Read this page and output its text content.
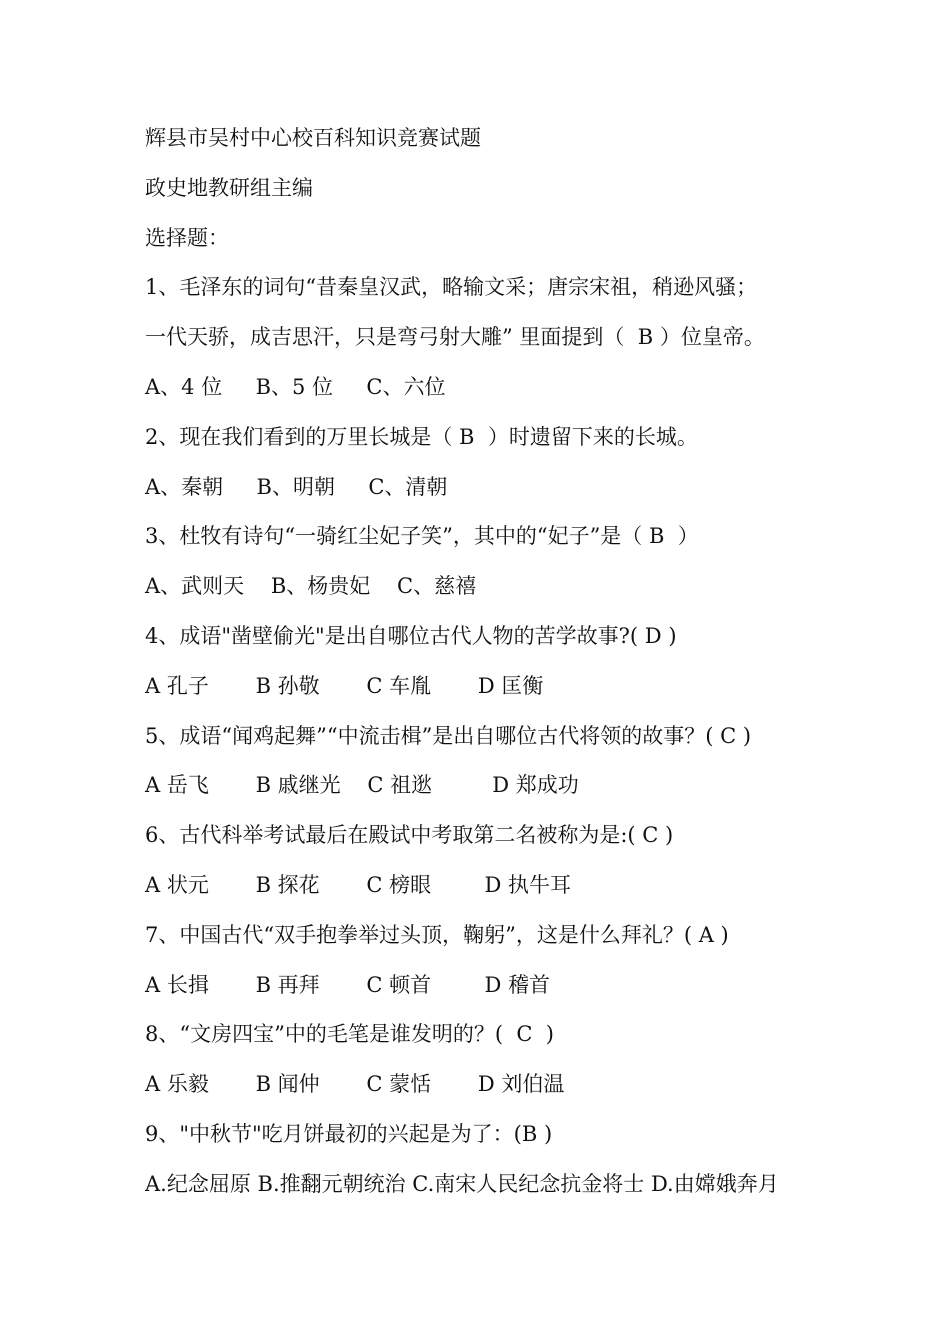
辉县市吴村中心校百科知识竞赛试题
政史地教研组主编
选择题：
1、毛泽东的词句“昔秦皇汉武，略输文采；唐宗宋祖，稍逊风骚；
一代天骄，成吉思汗，只是弯弓射大雕” 里面提到（  B ）位皇帝。
A、4 位     B、5 位     C、六位
2、现在我们看到的万里长城是（ B  ）时遗留下来的长城。
A、秦朝     B、明朝     C、清朝
3、杜牧有诗句“一骑红尘妃子笑”，其中的“妃子”是（ B  ）
A、武则天    B、杨贵妃    C、慈禧
4、成语"凿壁偷光"是出自哪位古代人物的苦学故事?( D )
A 孔子       B 孙敬       C 车胤       D 匡衡
5、成语“闻鸡起舞”“中流击楫”是出自哪位古代将领的故事？( C )
A 岳飞       B 戚继光    C 祖逖         D 郑成功
6、古代科举考试最后在殿试中考取第二名被称为是:( C )
A 状元       B 探花       C 榜眼        D 执牛耳
7、中国古代“双手抱拳举过头顶，鞠躬”，这是什么拜礼？( A )
A 长揖       B 再拜       C 顿首        D 稽首
8、“文房四宝”中的毛笔是谁发明的？(  C  )
A 乐毅       B 闻仲       C 蒙恬       D 刘伯温
9、"中秋节"吃月饼最初的兴起是为了：(B )
A.纪念屈原 B.推翻元朝统治 C.南宋人民纪念抗金将士 D.由嫦娥奔月
